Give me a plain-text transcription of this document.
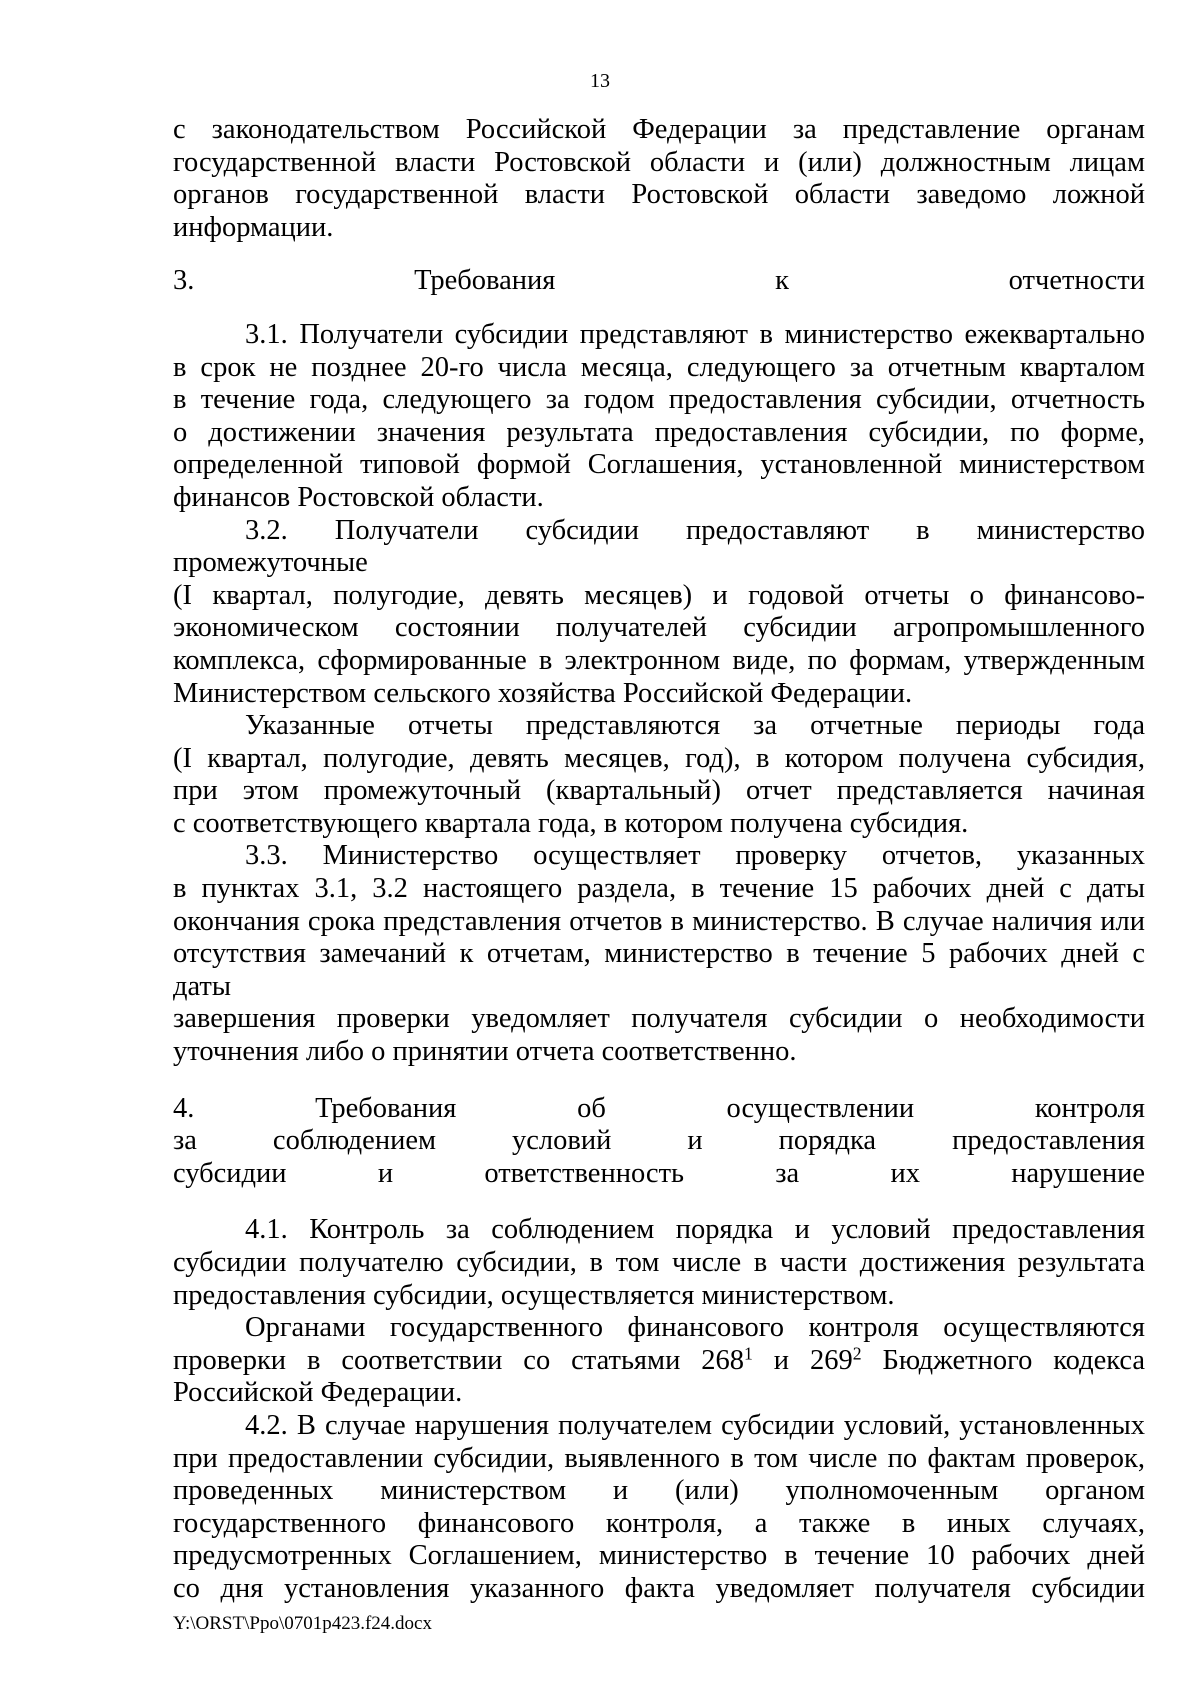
13

с законодательством Российской Федерации за представление органам

государственной власти Ростовской области и (или) должностным лицам

органов государственной власти Ростовской области заведомо ложной

информации.

3. Требования к отчетности

3.1. Получатели субсидии представляют в министерство ежеквартально

в срок не позднее 20-го числа месяца, следующего за отчетным кварталом

в течение года, следующего за годом предоставления субсидии, отчетность

о достижении значения результата предоставления субсидии, по форме,

определенной типовой формой Соглашения, установленной министерством

финансов Ростовской области.

3.2. Получатели субсидии предоставляют в министерство промежуточные

(I квартал, полугодие, девять месяцев) и годовой отчеты о финансово-

экономическом состоянии получателей субсидии агропромышленного

комплекса, сформированные в электронном виде, по формам, утвержденным

Министерством сельского хозяйства Российской Федерации.

Указанные отчеты представляются за отчетные периоды года

(I квартал, полугодие, девять месяцев, год), в котором получена субсидия,

при этом промежуточный (квартальный) отчет представляется начиная

с соответствующего квартала года, в котором получена субсидия.

3.3. Министерство осуществляет проверку отчетов, указанных

в пунктах 3.1, 3.2 настоящего раздела, в течение 15 рабочих дней с даты

окончания срока представления отчетов в министерство. В случае наличия или

отсутствия замечаний к отчетам, министерство в течение 5 рабочих дней с даты

завершения проверки уведомляет получателя субсидии о необходимости

уточнения либо о принятии отчета соответственно.

4. Требования об осуществлении контроля

за соблюдением условий и порядка предоставления

субсидии и ответственность за их нарушение

4.1. Контроль за соблюдением порядка и условий предоставления

субсидии получателю субсидии, в том числе в части достижения результата

предоставления субсидии, осуществляется министерством.

Органами государственного финансового контроля осуществляются

проверки в соответствии со статьями $268^1$ и $269^2$ Бюджетного кодекса

Российской Федерации.

4.2. В случае нарушения получателем субсидии условий, установленных

при предоставлении субсидии, выявленного в том числе по фактам проверок,

проведенных министерством и (или) уполномоченным органом

государственного финансового контроля, а также в иных случаях,

предусмотренных Соглашением, министерство в течение 10 рабочих дней

со дня установления указанного факта уведомляет получателя субсидии

Y:\ORST\Ppo\0701p423.f24.docx
